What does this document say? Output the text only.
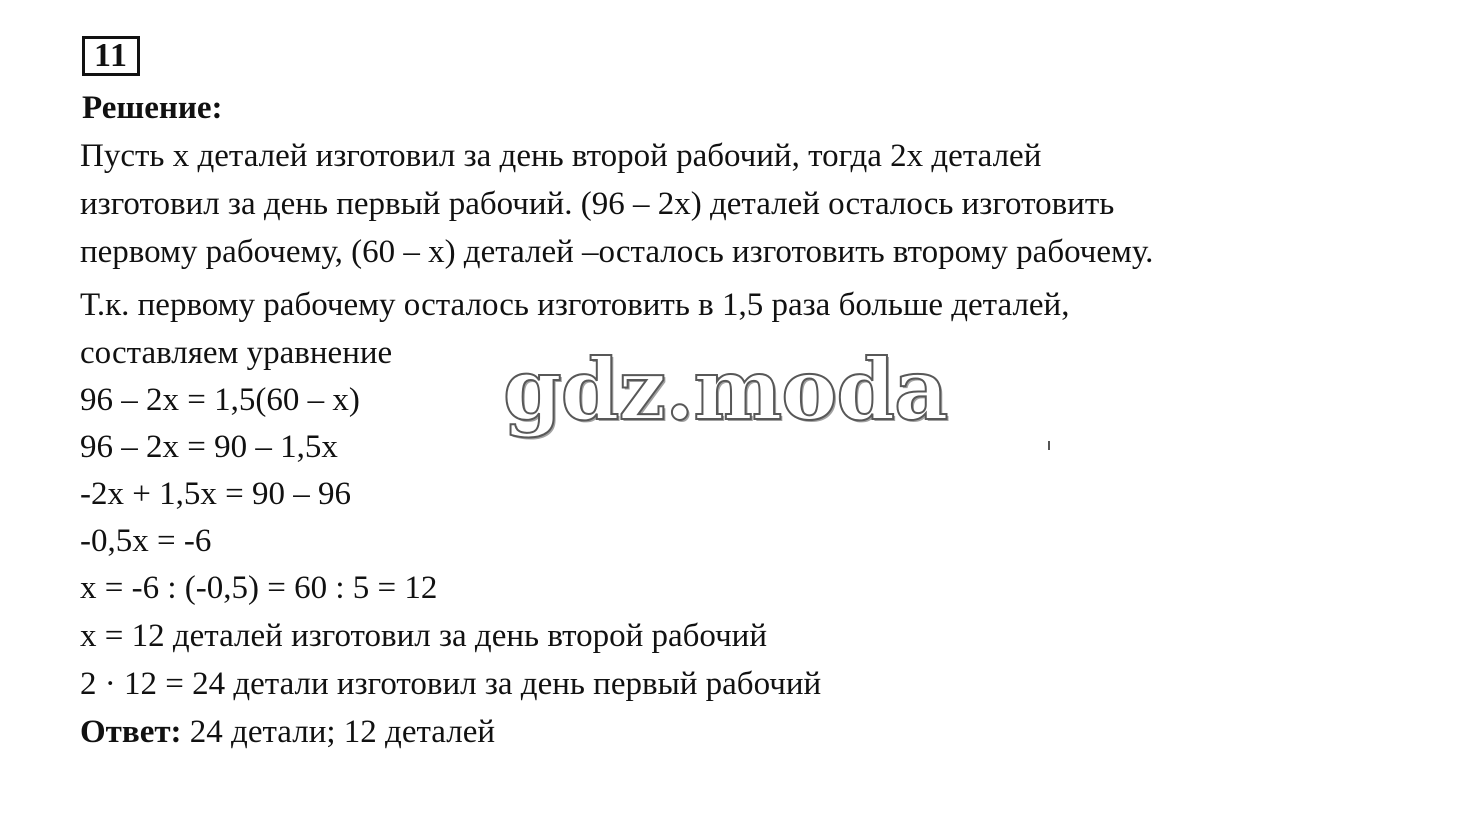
11
Решение:
Пусть х деталей изготовил за день второй рабочий, тогда 2х деталей
изготовил за день первый рабочий. (96 – 2х) деталей осталось изготовить
первому рабочему, (60 – х) деталей –осталось изготовить второму рабочему.
Т.к. первому рабочему осталось изготовить в 1,5 раза больше деталей,
составляем уравнение
96 – 2х = 1,5(60 – х)
96 – 2х = 90 – 1,5х
-2х + 1,5х = 90 – 96
-0,5х = -6
х = -6 : (-0,5) = 60 : 5 = 12
х = 12 деталей изготовил за день второй рабочий
2 · 12 = 24 детали изготовил за день первый рабочий
Ответ: 24 детали; 12 деталей
gdz.moda
